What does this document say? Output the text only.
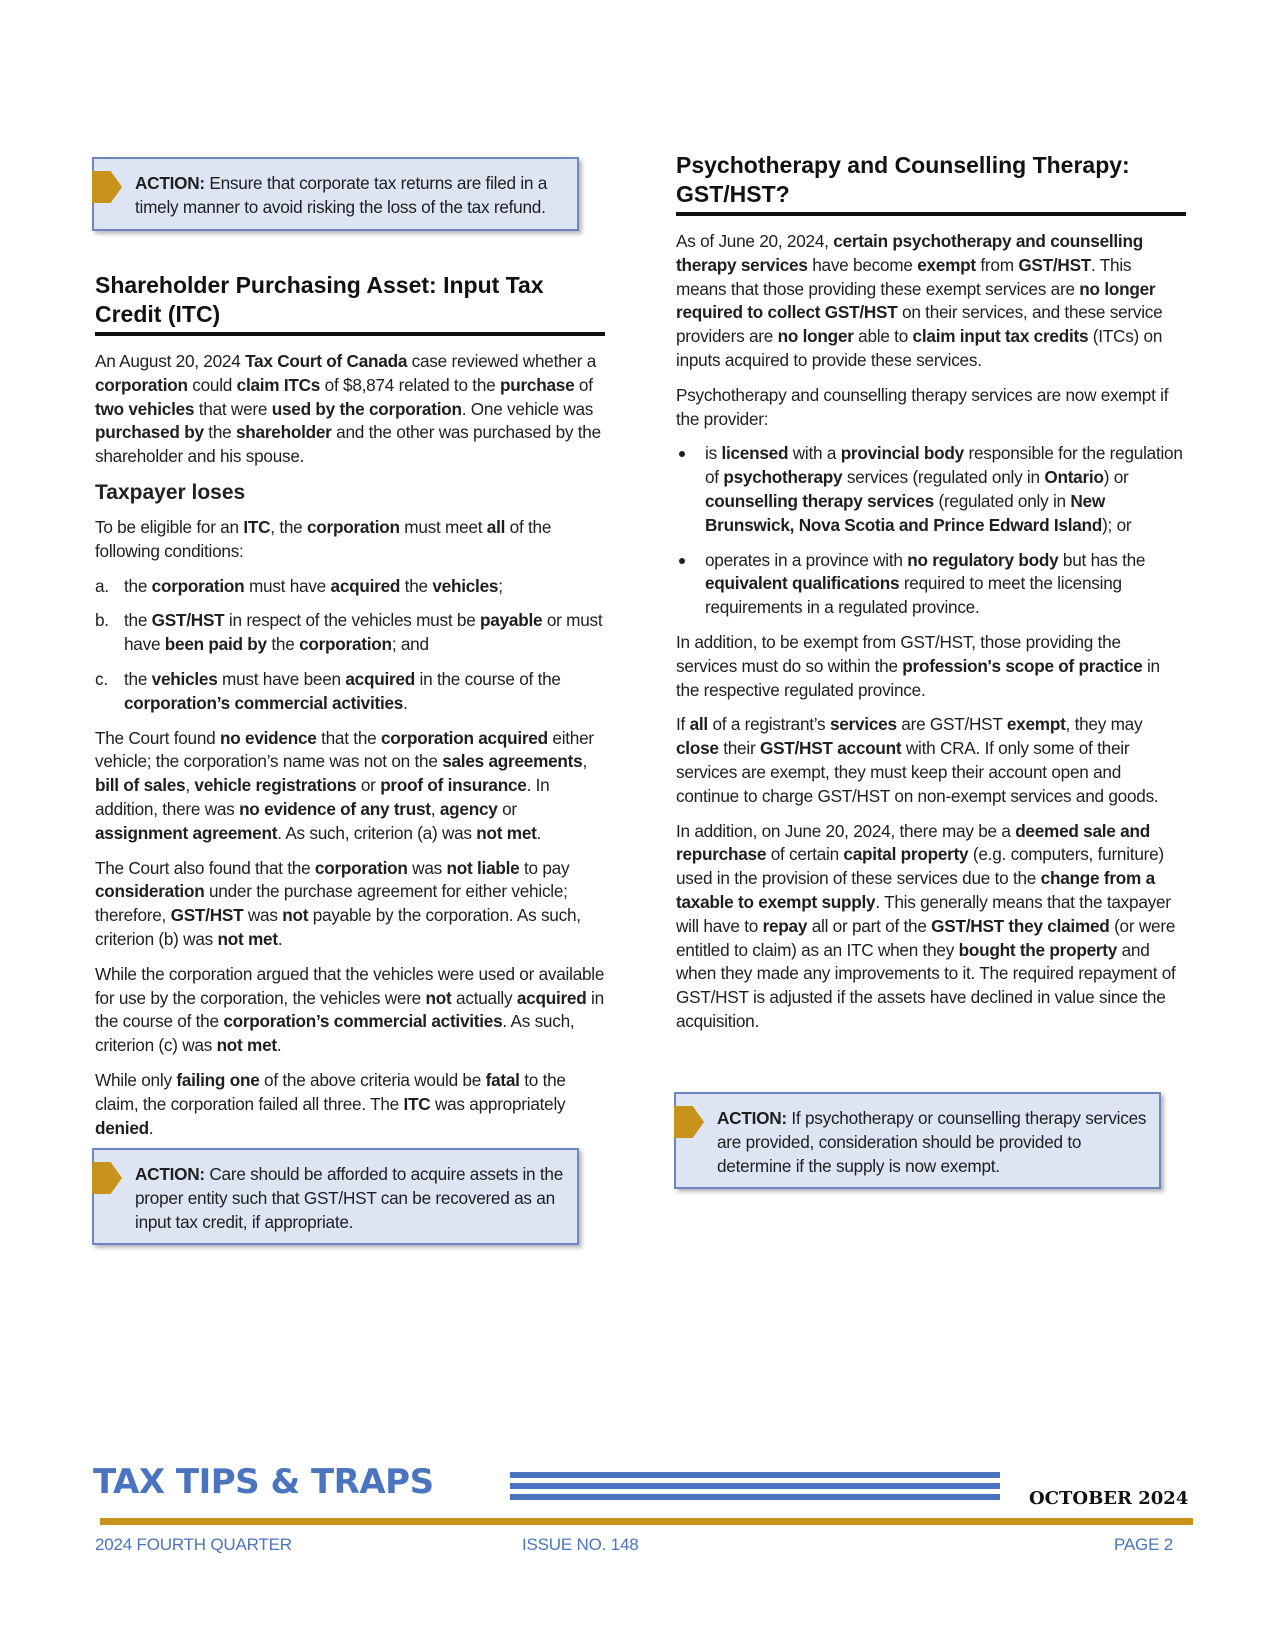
ACTION: Ensure that corporate tax returns are filed in a timely manner to avoid risking the loss of the tax refund.

Shareholder Purchasing Asset: Input Tax Credit (ITC)

An August 20, 2024 Tax Court of Canada case reviewed whether a corporation could claim ITCs of $8,874 related to the purchase of two vehicles that were used by the corporation. One vehicle was purchased by the shareholder and the other was purchased by the shareholder and his spouse.

Taxpayer loses

To be eligible for an ITC, the corporation must meet all of the following conditions:

a. the corporation must have acquired the vehicles;

b. the GST/HST in respect of the vehicles must be payable or must have been paid by the corporation; and

c. the vehicles must have been acquired in the course of the corporation’s commercial activities.

The Court found no evidence that the corporation acquired either vehicle; the corporation’s name was not on the sales agreements, bill of sales, vehicle registrations or proof of insurance. In addition, there was no evidence of any trust, agency or assignment agreement. As such, criterion (a) was not met.

The Court also found that the corporation was not liable to pay consideration under the purchase agreement for either vehicle; therefore, GST/HST was not payable by the corporation. As such, criterion (b) was not met.

While the corporation argued that the vehicles were used or available for use by the corporation, the vehicles were not actually acquired in the course of the corporation’s commercial activities. As such, criterion (c) was not met.

While only failing one of the above criteria would be fatal to the claim, the corporation failed all three. The ITC was appropriately denied.

ACTION: Care should be afforded to acquire assets in the proper entity such that GST/HST can be recovered as an input tax credit, if appropriate.

Psychotherapy and Counselling Therapy: GST/HST?

As of June 20, 2024, certain psychotherapy and counselling therapy services have become exempt from GST/HST. This means that those providing these exempt services are no longer required to collect GST/HST on their services, and these service providers are no longer able to claim input tax credits (ITCs) on inputs acquired to provide these services.

Psychotherapy and counselling therapy services are now exempt if the provider:

is licensed with a provincial body responsible for the regulation of psychotherapy services (regulated only in Ontario) or counselling therapy services (regulated only in New Brunswick, Nova Scotia and Prince Edward Island); or

operates in a province with no regulatory body but has the equivalent qualifications required to meet the licensing requirements in a regulated province.

In addition, to be exempt from GST/HST, those providing the services must do so within the profession's scope of practice in the respective regulated province.

If all of a registrant’s services are GST/HST exempt, they may close their GST/HST account with CRA. If only some of their services are exempt, they must keep their account open and continue to charge GST/HST on non-exempt services and goods.

In addition, on June 20, 2024, there may be a deemed sale and repurchase of certain capital property (e.g. computers, furniture) used in the provision of these services due to the change from a taxable to exempt supply. This generally means that the taxpayer will have to repay all or part of the GST/HST they claimed (or were entitled to claim) as an ITC when they bought the property and when they made any improvements to it. The required repayment of GST/HST is adjusted if the assets have declined in value since the acquisition.

ACTION: If psychotherapy or counselling therapy services are provided, consideration should be provided to determine if the supply is now exempt.

TAX TIPS & TRAPS	OCTOBER 2024
2024 FOURTH QUARTER	ISSUE NO. 148	PAGE 2
